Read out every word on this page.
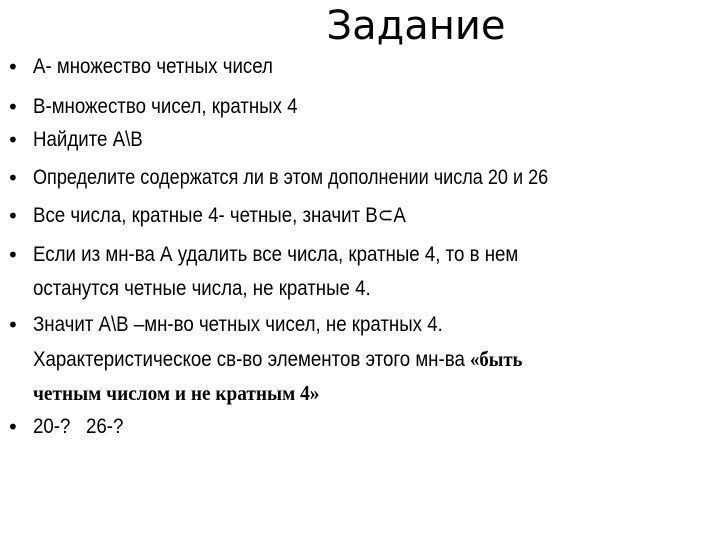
Задание
• А- множество четных чисел
• В-множество чисел, кратных 4
• Найдите А\В
• Определите содержатся ли в этом дополнении числа 20 и 26
• Все числа, кратные 4- четные, значит В⊂А
• Если из мн-ва А удалить все числа, кратные 4, то в нем
останутся четные числа, не кратные 4.
• Значит А\В –мн-во четных чисел, не кратных 4.
Характеристическое св-во элементов этого мн-ва «быть
четным числом и не кратным 4»
• 20-?   26-?
